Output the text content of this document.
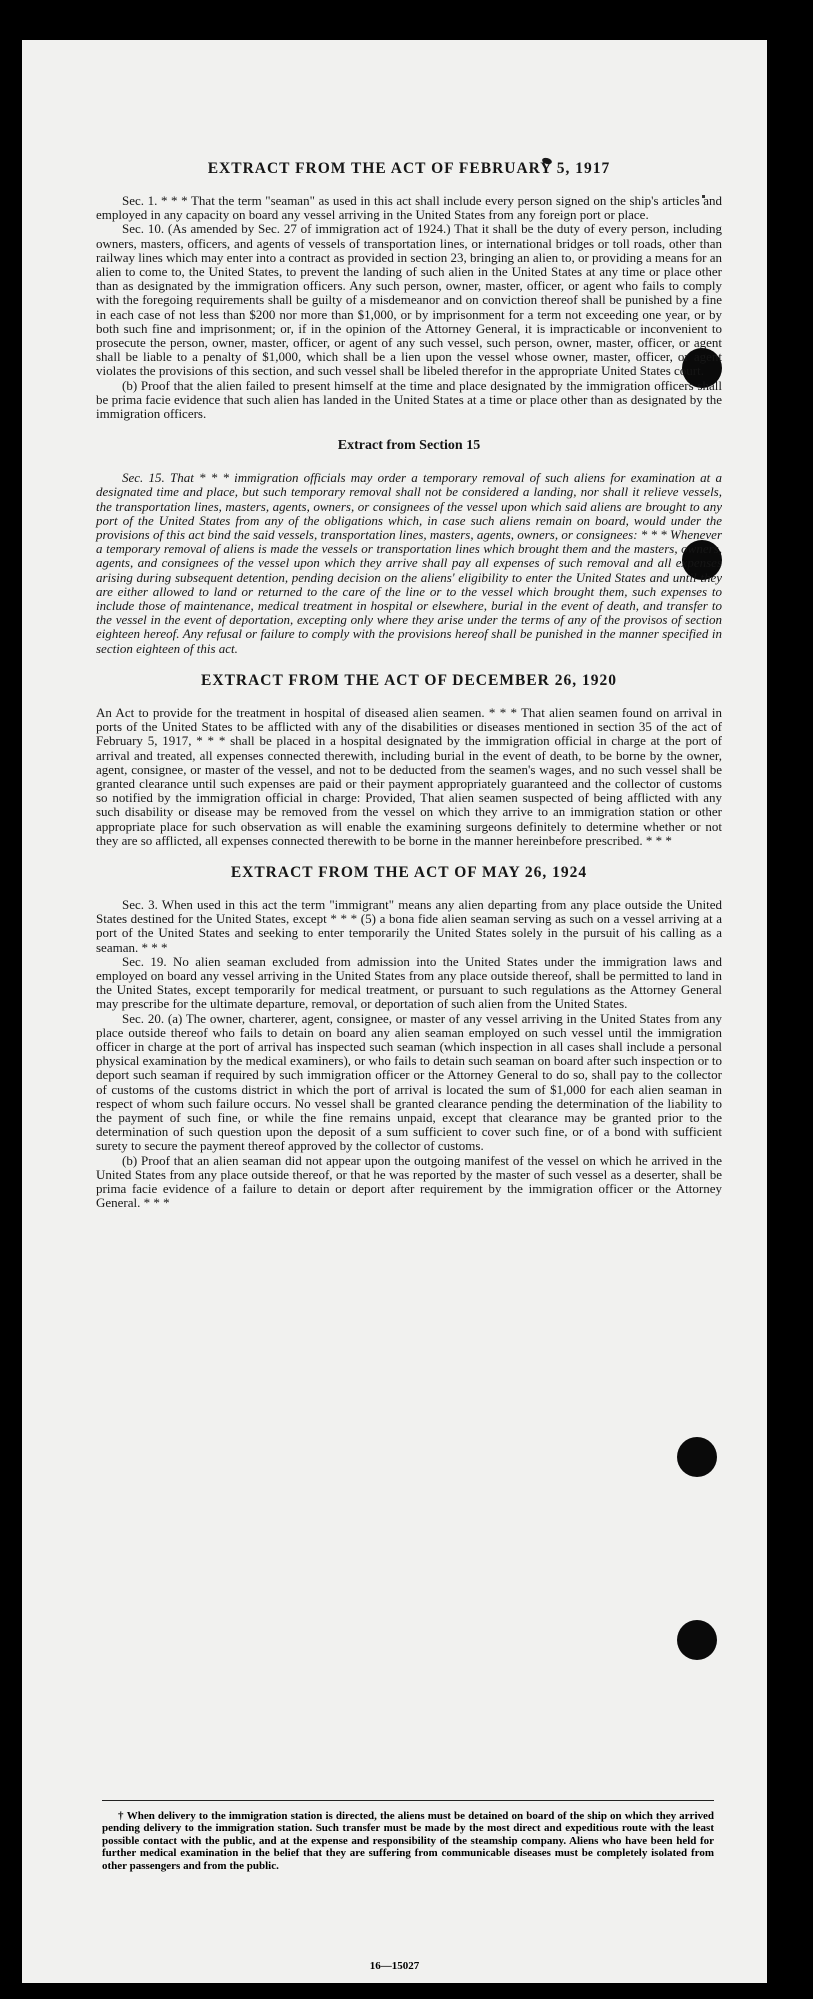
EXTRACT FROM THE ACT OF FEBRUARY 5, 1917

Sec. 1. * * * That the term "seaman" as used in this act shall include every person signed on the ship's articles and employed in any capacity on board any vessel arriving in the United States from any foreign port or place.

Sec. 10. (As amended by Sec. 27 of immigration act of 1924.) That it shall be the duty of every person, including owners, masters, officers, and agents of vessels of transportation lines, or international bridges or toll roads, other than railway lines which may enter into a contract as provided in section 23, bringing an alien to, or providing a means for an alien to come to, the United States, to prevent the landing of such alien in the United States at any time or place other than as designated by the immigration officers. Any such person, owner, master, officer, or agent who fails to comply with the foregoing requirements shall be guilty of a misdemeanor and on conviction thereof shall be punished by a fine in each case of not less than $200 nor more than $1,000, or by imprisonment for a term not exceeding one year, or by both such fine and imprisonment; or, if in the opinion of the Attorney General, it is impracticable or inconvenient to prosecute the person, owner, master, officer, or agent of any such vessel, such person, owner, master, officer, or agent shall be liable to a penalty of $1,000, which shall be a lien upon the vessel whose owner, master, officer, or agent violates the provisions of this section, and such vessel shall be libeled therefor in the appropriate United States court.

(b) Proof that the alien failed to present himself at the time and place designated by the immigration officers shall be prima facie evidence that such alien has landed in the United States at a time or place other than as designated by the immigration officers.

Extract from Section 15

Sec. 15. That * * * immigration officials may order a temporary removal of such aliens for examination at a designated time and place, but such temporary removal shall not be considered a landing, nor shall it relieve vessels, the transportation lines, masters, agents, owners, or consignees of the vessel upon which said aliens are brought to any port of the United States from any of the obligations which, in case such aliens remain on board, would under the provisions of this act bind the said vessels, transportation lines, masters, agents, owners, or consignees: * * * Whenever a temporary removal of aliens is made the vessels or transportation lines which brought them and the masters, owners, agents, and consignees of the vessel upon which they arrive shall pay all expenses of such removal and all expenses arising during subsequent detention, pending decision on the aliens' eligibility to enter the United States and until they are either allowed to land or returned to the care of the line or to the vessel which brought them, such expenses to include those of maintenance, medical treatment in hospital or elsewhere, burial in the event of death, and transfer to the vessel in the event of deportation, excepting only where they arise under the terms of any of the provisos of section eighteen hereof. Any refusal or failure to comply with the provisions hereof shall be punished in the manner specified in section eighteen of this act.

EXTRACT FROM THE ACT OF DECEMBER 26, 1920

An Act to provide for the treatment in hospital of diseased alien seamen. * * * That alien seamen found on arrival in ports of the United States to be afflicted with any of the disabilities or diseases mentioned in section 35 of the act of February 5, 1917, * * * shall be placed in a hospital designated by the immigration official in charge at the port of arrival and treated, all expenses connected therewith, including burial in the event of death, to be borne by the owner, agent, consignee, or master of the vessel, and not to be deducted from the seamen's wages, and no such vessel shall be granted clearance until such expenses are paid or their payment appropriately guaranteed and the collector of customs so notified by the immigration official in charge: Provided, That alien seamen suspected of being afflicted with any such disability or disease may be removed from the vessel on which they arrive to an immigration station or other appropriate place for such observation as will enable the examining surgeons definitely to determine whether or not they are so afflicted, all expenses connected therewith to be borne in the manner hereinbefore prescribed. * * *

EXTRACT FROM THE ACT OF MAY 26, 1924

Sec. 3. When used in this act the term "immigrant" means any alien departing from any place outside the United States destined for the United States, except * * * (5) a bona fide alien seaman serving as such on a vessel arriving at a port of the United States and seeking to enter temporarily the United States solely in the pursuit of his calling as a seaman. * * *

Sec. 19. No alien seaman excluded from admission into the United States under the immigration laws and employed on board any vessel arriving in the United States from any place outside thereof, shall be permitted to land in the United States, except temporarily for medical treatment, or pursuant to such regulations as the Attorney General may prescribe for the ultimate departure, removal, or deportation of such alien from the United States.

Sec. 20. (a) The owner, charterer, agent, consignee, or master of any vessel arriving in the United States from any place outside thereof who fails to detain on board any alien seaman employed on such vessel until the immigration officer in charge at the port of arrival has inspected such seaman (which inspection in all cases shall include a personal physical examination by the medical examiners), or who fails to detain such seaman on board after such inspection or to deport such seaman if required by such immigration officer or the Attorney General to do so, shall pay to the collector of customs of the customs district in which the port of arrival is located the sum of $1,000 for each alien seaman in respect of whom such failure occurs. No vessel shall be granted clearance pending the determination of the liability to the payment of such fine, or while the fine remains unpaid, except that clearance may be granted prior to the determination of such question upon the deposit of a sum sufficient to cover such fine, or of a bond with sufficient surety to secure the payment thereof approved by the collector of customs.

(b) Proof that an alien seaman did not appear upon the outgoing manifest of the vessel on which he arrived in the United States from any place outside thereof, or that he was reported by the master of such vessel as a deserter, shall be prima facie evidence of a failure to detain or deport after requirement by the immigration officer or the Attorney General. * * *

† When delivery to the immigration station is directed, the aliens must be detained on board of the ship on which they arrived pending delivery to the immigration station. Such transfer must be made by the most direct and expeditious route with the least possible contact with the public, and at the expense and responsibility of the steamship company. Aliens who have been held for further medical examination in the belief that they are suffering from communicable diseases must be completely isolated from other passengers and from the public.

16—15027
